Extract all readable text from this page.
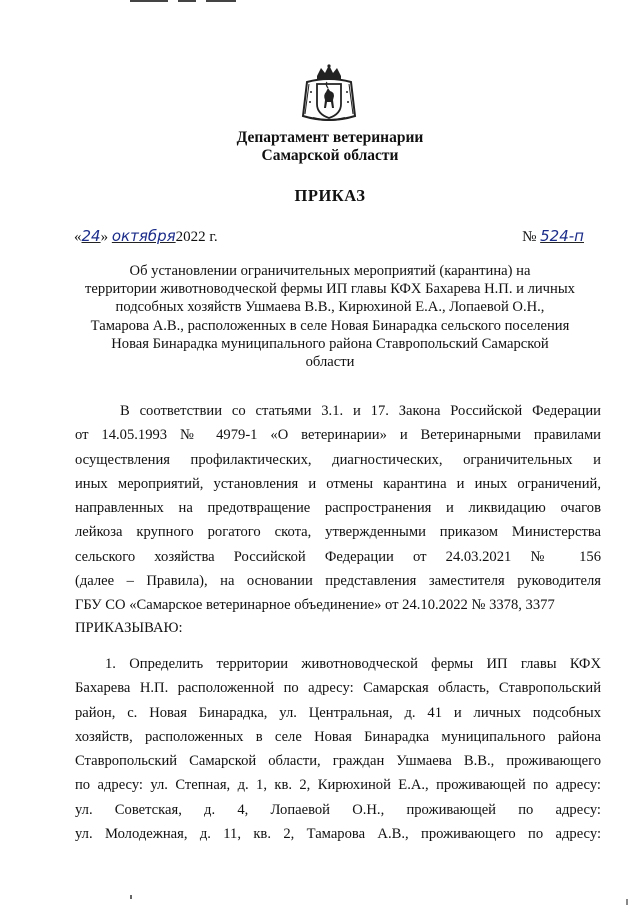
Департамент ветеринарии
Самарской области
ПРИКАЗ
«24» октября2022 г.	№ 524-п
Об установлении ограничительных мероприятий (карантина) на
территории животноводческой фермы ИП главы КФХ Бахарева Н.П. и личных
подсобных хозяйств Ушмаева В.В., Кирюхиной Е.А., Лопаевой О.Н.,
Тамарова А.В., расположенных в селе Новая Бинарадка сельского поселения
Новая Бинарадка муниципального района Ставропольский Самарской
области
В соответствии со статьями 3.1. и 17. Закона Российской Федерации
от 14.05.1993 № 4979-1 «О ветеринарии» и Ветеринарными правилами
осуществления профилактических, диагностических, ограничительных и
иных мероприятий, установления и отмены карантина и иных ограничений,
направленных на предотвращение распространения и ликвидацию очагов
лейкоза крупного рогатого скота, утвержденными приказом Министерства
сельского хозяйства Российской Федерации от 24.03.2021 № 156
(далее – Правила), на основании представления заместителя руководителя
ГБУ СО «Самарское ветеринарное объединение» от 24.10.2022 № 3378, 3377
ПРИКАЗЫВАЮ:
1. Определить территории животноводческой фермы ИП главы КФХ
Бахарева Н.П. расположенной по адресу: Самарская область, Ставропольский
район, с. Новая Бинарадка, ул. Центральная, д. 41 и личных подсобных
хозяйств, расположенных в селе Новая Бинарадка муниципального района
Ставропольский Самарской области, граждан Ушмаева В.В., проживающего
по адресу: ул. Степная, д. 1, кв. 2, Кирюхиной Е.А., проживающей по адресу:
ул. Советская, д. 4, Лопаевой О.Н., проживающей по адресу:
ул. Молодежная, д. 11, кв. 2, Тамарова А.В., проживающего по адресу:
